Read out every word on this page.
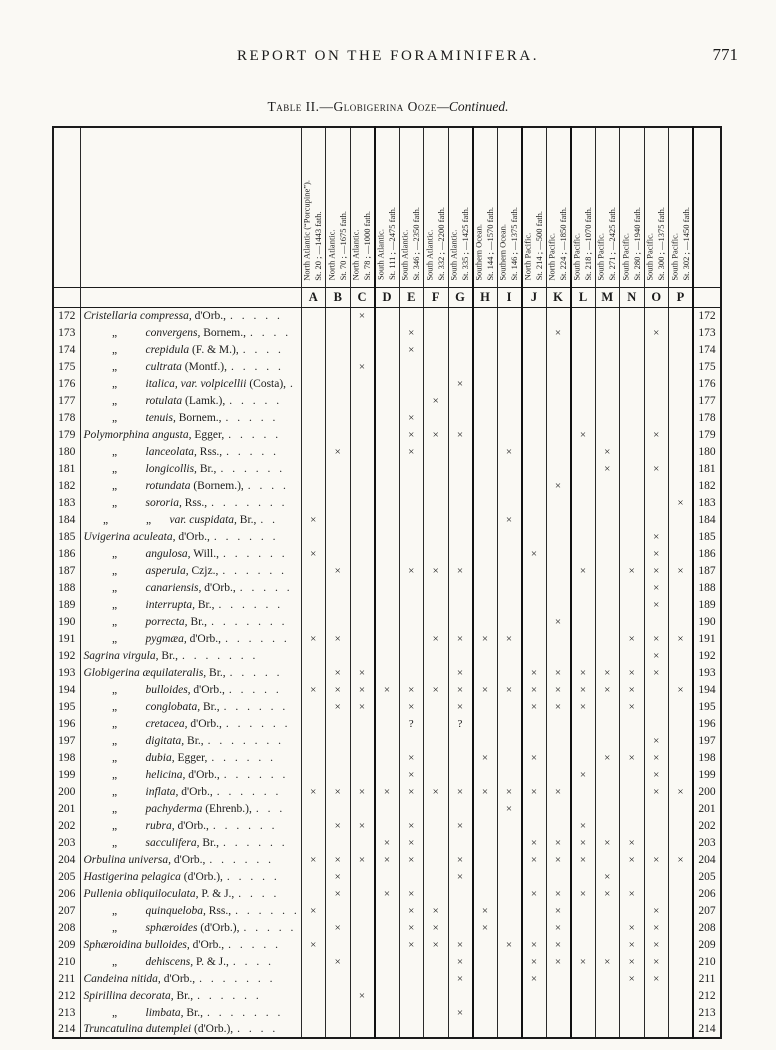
REPORT ON THE FORAMINIFERA.	771
Table II.—Globigerina Ooze—Continued.

North Atlantic (“Porcupine”). St. 20 ; —1443 fath.	North Atlantic. St. 70 ; —1675 fath.	North Atlantic. St. 78 ; —1000 fath.	South Atlantic. St. 111 ; —2475 fath.	South Atlantic. St. 346 ; —2350 fath.	South Atlantic. St. 332 ; —2200 fath.	South Atlantic. St. 335 ; —1425 fath.	Southern Ocean. St. 144 ; —1570 fath.	Southern Ocean. St. 146 ; —1375 fath.	North Pacific. St. 214 ; —500 fath.	North Pacific. St. 224 ; —1850 fath.	South Pacific. St. 218 ; —1070 fath.	South Pacific. St. 271 ; —2425 fath.	South Pacific. St. 280 ; —1940 fath.	South Pacific. St. 300 ; —1375 fath.	South Pacific. St. 302 ; —1450 fath.

		A	B	C	D	E	F	G	H	I	J	K	L	M	N	O	P	
172	Cristellaria compressa, d'Orb., . . . . .			×														172
173	„ convergens, Bornem., . . . .					×						×				×		173
174	„ crepidula (F. & M.), . . . .					×												174
175	„ cultrata (Montf.), . . . . .			×														175
176	„ italica, var. volpicellii (Costa), .							×										176
177	„ rotulata (Lamk.), . . . . .						×											177
178	„ tenuis, Bornem., . . . . .					×												178
179	Polymorphina angusta, Egger, . . . . .					×	×	×					×			×		179
180	„ lanceolata, Rss., . . . . .		×			×				×				×				180
181	„ longicollis, Br., . . . . . .													×		×		181
182	„ rotundata (Bornem.), . . . .											×						182
183	„ sororia, Rss., . . . . . . .																×	183
184	„ „ var. cuspidata, Br., . .	×								×								184
185	Uvigerina aculeata, d'Orb., . . . . . .															×		185
186	„ angulosa, Will., . . . . . .	×									×					×		186
187	„ asperula, Czjz., . . . . . .		×			×	×	×					×		×	×	×	187
188	„ canariensis, d'Orb., . . . . .															×		188
189	„ interrupta, Br., . . . . . .															×		189
190	„ porrecta, Br., . . . . . . .											×						190
191	„ pygmæa, d'Orb., . . . . . .	×	×				×	×	×	×					×	×	×	191
192	Sagrina virgula, Br., . . . . . . .															×		192
193	Globigerina æquilateralis, Br., . . . . .		×	×				×			×	×	×	×	×	×		193
194	„ bulloides, d'Orb., . . . . .	×	×	×	×	×	×	×	×	×	×	×	×	×	×		×	194
195	„ conglobata, Br., . . . . . .		×	×		×		×			×	×	×		×			195
196	„ cretacea, d'Orb., . . . . . .					?		?										196
197	„ digitata, Br., . . . . . . .															×		197
198	„ dubia, Egger, . . . . . .					×			×		×			×	×	×		198
199	„ helicina, d'Orb., . . . . . .					×							×			×		199
200	„ inflata, d'Orb., . . . . . .	×	×	×	×	×	×	×	×	×	×	×				×	×	200
201	„ pachyderma (Ehrenb.), . . .									×								201
202	„ rubra, d'Orb., . . . . . .		×	×		×		×					×					202
203	„ sacculifera, Br., . . . . . .				×	×					×	×	×	×	×			203
204	Orbulina universa, d'Orb., . . . . . .	×	×	×	×	×		×			×	×	×		×	×	×	204
205	Hastigerina pelagica (d'Orb.), . . . . .		×					×						×				205
206	Pullenia obliquiloculata, P. & J., . . . .		×		×	×					×	×	×	×	×			206
207	„ quinqueloba, Rss., . . . . . .	×				×	×		×			×				×		207
208	„ sphæroides (d'Orb.), . . . . .		×			×	×		×			×			×	×		208
209	Sphæroidina bulloides, d'Orb., . . . . .	×				×	×	×		×	×	×			×	×		209
210	„ dehiscens, P. & J., . . . .		×					×			×	×	×	×	×	×		210
211	Candeina nitida, d'Orb., . . . . . . .							×			×				×	×		211
212	Spirillina decorata, Br., . . . . . .			×														212
213	„ limbata, Br., . . . . . . .							×										213
214	Truncatulina dutemplei (d'Orb.), . . . .																	214
